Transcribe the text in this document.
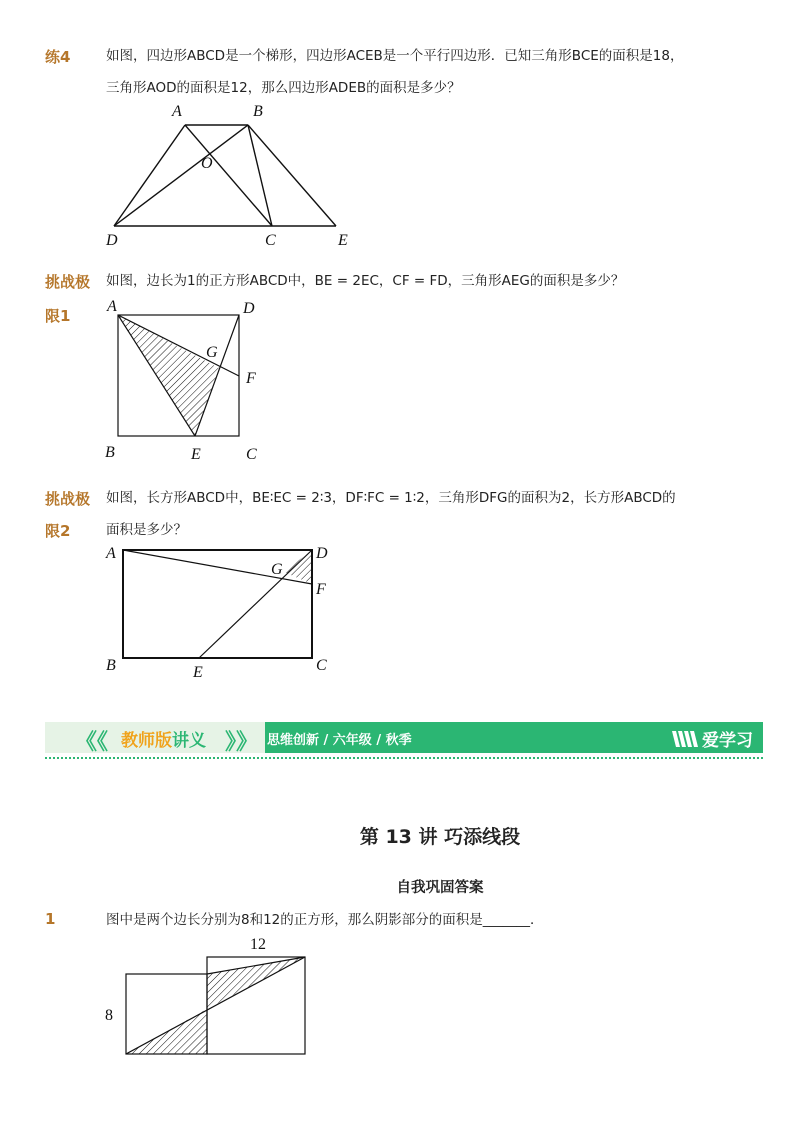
练4	如图，四边形ABCD是一个梯形，四边形ACEB是一个平行四边形．已知三角形BCE的面积是18，
三角形AOD的面积是12，那么四边形ADEB的面积是多少？
A	B
O
D	C	E
挑战极
限1
如图，边长为1的正方形ABCD中，BE = 2EC，CF = FD，三角形AEG的面积是多少？
A	D
G
F
B	E	C
挑战极
限2
如图，长方形ABCD中，BE∶EC = 2∶3，DF∶FC = 1∶2，三角形DFG的面积为2，长方形ABCD的
面积是多少？
A	D
G
F
B	E	C
《《 教师版讲义 》》 思维创新 / 六年级 / 秋季	爱学习
第 13 讲 巧添线段
自我巩固答案
1	图中是两个边长分别为8和12的正方形，那么阴影部分的面积是_______．
12
8
